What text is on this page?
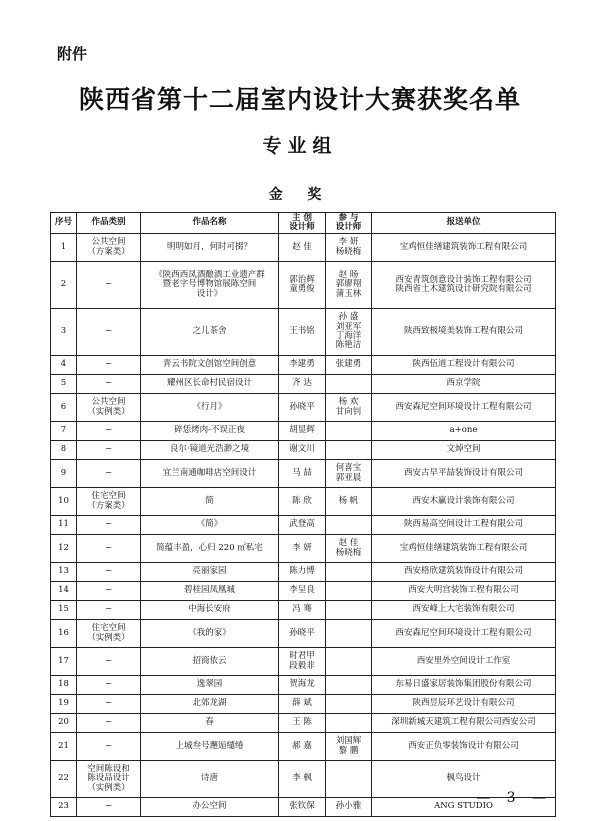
附件
陕西省第十二届室内设计大赛获奖名单
专业组
金 奖
序号	作品类别	作品名称	主 创
设计师	参 与
设计师	报送单位

1	公共空间
（方案类）	明明如月，何时可掇？	赵 佳	李 妍
杨晓梅	宝鸡恒佳缮建筑装饰工程有限公司

2	~	《陕西西凤酒酿酒工业遗产群
暨老字号博物馆展陈空间
设计》	郭治辉
童勇俊	赵 旸
郭廖翔
蒲玉林	西安青筑创意设计装饰工程有限公司
陕西省土木建筑设计研究院有限公司

3	~	之儿茶舍	王书铭	孙 盛
刘亚军
丁海洋
陈艳洁	陕西致极境美装饰工程有限公司

4	~	青云书院文创馆空间创意	李建勇	张建勇	陕西伍道工程设计有限公司

5	~	耀州区长命村民宿设计	齐 达		西京学院

6	公共空间
（实例类）	《行月》	孙晓平	杨 欢
甘向钊	西安森尼空间环境设计工程有限公司

7	~	碎恁烤肉-不误正夜	胡显辉		a+one

8	~	良尔·镜道光浩渺之境	谢文川		文焯空间

9	~	宜兰南通咖啡店空间设计	马 喆	何喜宝
郭亚晨	西安古早平喆装饰设计有限公司

10	住宅空间
（方案类）	简	陈 欣	杨 帆	西安木赢设计装饰有限公司

11	~	《简》	武登高		陕西易高空间设计工程有限公司

12	~	简蕴丰盈，心归 220 ㎡私宅	李 妍	赵 佳
杨晓梅	宝鸡恒佳缮建筑装饰工程有限公司

13	~	亮丽家园	陈力博		西安格欣建筑装饰设计有限公司

14	~	碧桂园凤凰城	李呈良		西安大明宫装饰工程有限公司

15	~	中海长安府	冯 骞		西安峰上大宅装饰有限公司

16	住宅空间
（实例类）	《我的家》	孙晓平		西安森尼空间环境设计工程有限公司

17	~	招商依云	时君甲
段毅非		西安里外空间设计工作室

18	~	逸翠园	贺海龙		东易日盛家居装饰集团股份有限公司

19	~	北郊龙湖	薛 斌		陕西昱辰环艺设计有限公司

20	~	春	王 陈		深圳新城天建筑工程有限公司西安公司

21	~	上城叁号邂逅缱绻	郝 嘉	刘国辉
黎 鹏	西安正负零装饰设计有限公司

22	空间陈设和
陈设品设计
（实例类）	诗唐	李 枫		枫鸟设计

23	~	办公空间	张钦保	孙小雅	ANG STUDIO
— 3 —
